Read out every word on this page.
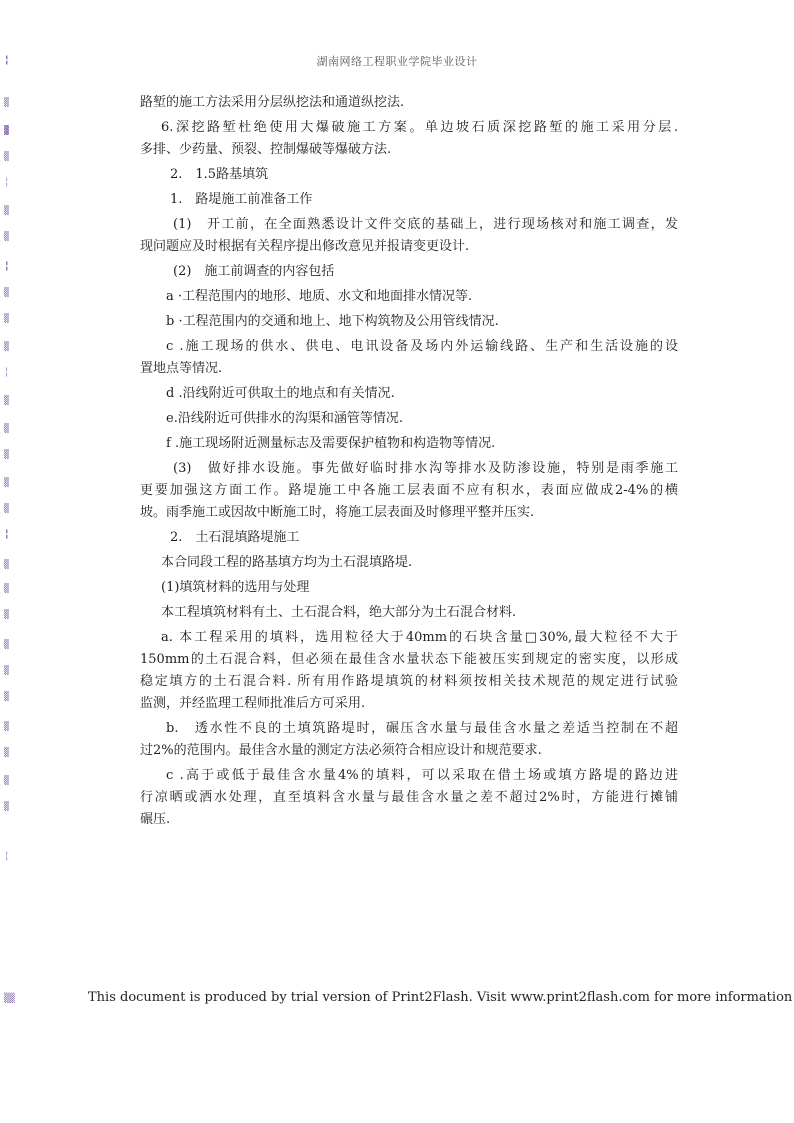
湖南网络工程职业学院毕业设计
╏
▒
▓
▒
╎
▒
▒
╏
▒
▒
▒
╎
▒
▒
▒
▒
▒
╏
▒
▒
▒
▒
▒
▒
▒
▒
▒
▒
╎
路堑的施工方法采用分层纵挖法和通道纵挖法.
6.深挖路堑杜绝使用大爆破施工方案。单边坡石质深挖路堑的施工采用分层.
多排、少药量、预裂、控制爆破等爆破方法.
2.　1.5路基填筑
1.　路堤施工前准备工作
(1)　开工前，在全面熟悉设计文件交底的基础上，进行现场核对和施工调查，发
现问题应及时根据有关程序提出修改意见并报请变更设计.
(2)　施工前调查的内容包括
a ·工程范围内的地形、地质、水文和地面排水情况等.
b ·工程范围内的交通和地上、地下构筑物及公用管线情况.
c .施工现场的供水、供电、电讯设备及场内外运输线路、生产和生活设施的设
置地点等情况.
d .沿线附近可供取土的地点和有关情况.
e.沿线附近可供排水的沟渠和涵管等情况.
f .施工现场附近测量标志及需要保护植物和构造物等情况.
(3)　做好排水设施。事先做好临时排水沟等排水及防渗设施，特别是雨季施工
更要加强这方面工作。路堤施工中各施工层表面不应有积水，表面应做成2-4%的横
坡。雨季施工或因故中断施工时，将施工层表面及时修理平整并压实.
2.　土石混填路堤施工
本合同段工程的路基填方均为土石混填路堤.
(1)填筑材料的选用与处理
本工程填筑材料有土、土石混合料，绝大部分为土石混合材料.
a. 本工程采用的填料，选用粒径大于40mm的石块含量□30%,最大粒径不大于
150mm的土石混合料，但必须在最佳含水量状态下能被压实到规定的密实度，以形成
稳定填方的土石混合料. 所有用作路堤填筑的材料须按相关技术规范的规定进行试验
监测，并经监理工程师批准后方可采用.
b.　透水性不良的土填筑路堤时，碾压含水量与最佳含水量之差适当控制在不超
过2%的范围内。最佳含水量的测定方法必须符合相应设计和规范要求.
c .高于或低于最佳含水量4%的填料，可以采取在借土场或填方路堤的路边进
行凉晒或洒水处理，直至填料含水量与最佳含水量之差不超过2%时，方能进行摊铺
碾压.
▒▒	This document is produced by trial version of Print2Flash. Visit www.print2flash.com for more information
